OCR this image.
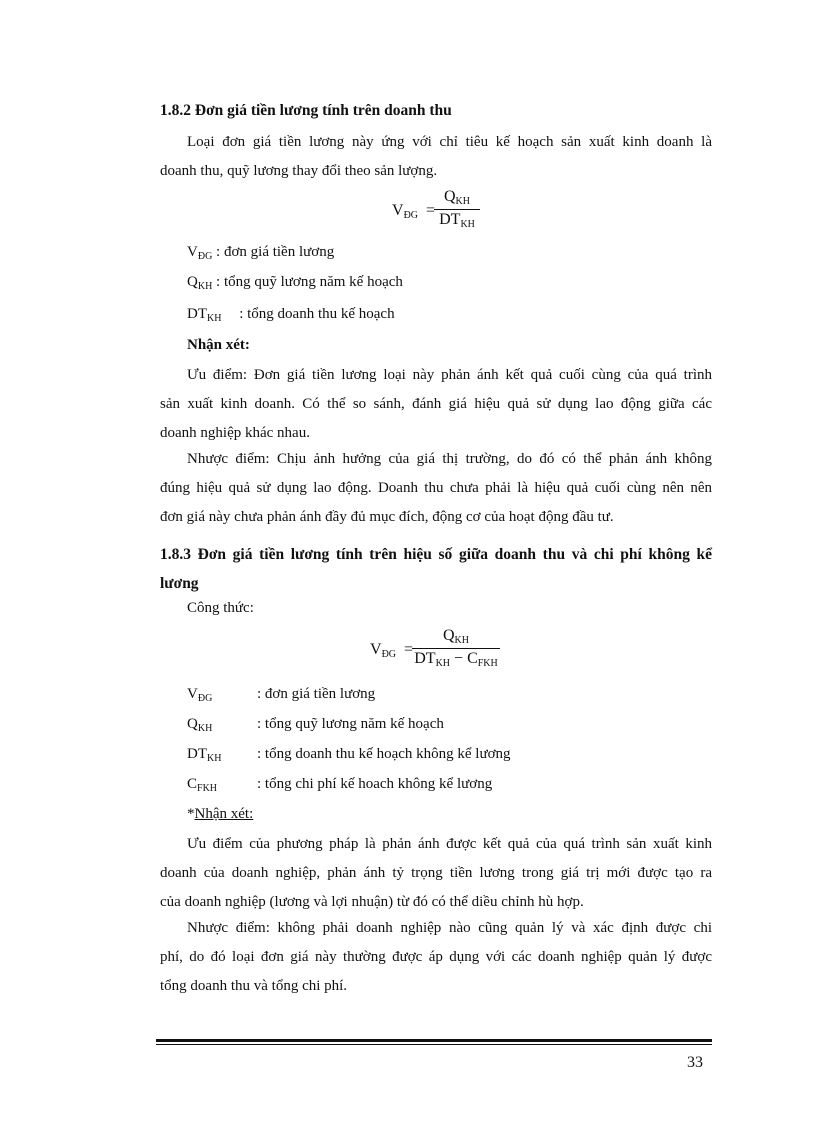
1.8.2 Đơn giá tiền lương tính trên doanh thu
Loại đơn giá tiền lương này ứng với chỉ tiêu kế hoạch sản xuất kinh doanh là
doanh thu, quỹ lương thay đổi theo sản lượng.
$V_{ĐG}$ =
$Q_{KH}$
$DT_{KH}$
$V_{ĐG}$ : đơn giá tiền lương
$Q_{KH}$ : tổng quỹ lương năm kế hoạch
$DT_{KH}$ : tổng doanh thu kế hoạch
Nhận xét:
Ưu điểm: Đơn giá tiền lương loại này phản ánh kết quả cuối cùng của quá trình
sản xuất kinh doanh. Có thể so sánh, đánh giá hiệu quả sử dụng lao động giữa các
doanh nghiệp khác nhau.
Nhược điểm: Chịu ảnh hưởng của giá thị trường, do đó có thể phản ánh không
đúng hiệu quả sử dụng lao động. Doanh thu chưa phải là hiệu quả cuối cùng nên nên
đơn giá này chưa phản ánh đầy đủ mục đích, động cơ của hoạt động đầu tư.
1.8.3 Đơn giá tiền lương tính trên hiệu số giữa doanh thu và chi phí không kể
lương
Công thức:
$V_{ĐG}$ =
$Q_{KH}$
$DT_{KH} - C_{FKH}$
$V_{ĐG}$	: đơn giá tiền lương
$Q_{KH}$	: tổng quỹ lương năm kế hoạch
$DT_{KH}$ : tổng doanh thu kế hoạch không kể lương
$C_{FKH}$	: tổng chi phí kế hoach không kể lương
*Nhận xét:
Ưu điểm của phương pháp là phản ánh được kết quả của quá trình sản xuất kinh
doanh của doanh nghiệp, phản ánh tỷ trọng tiền lương trong giá trị mới được tạo ra
của doanh nghiệp (lương và lợi nhuận) từ đó có thể diều chỉnh hù hợp.
Nhược điểm: không phải doanh nghiệp nào cũng quản lý và xác định được chi
phí, do đó loại đơn giá này thường được áp dụng với các doanh nghiệp quản lý được
tổng doanh thu và tổng chi phí.
33
